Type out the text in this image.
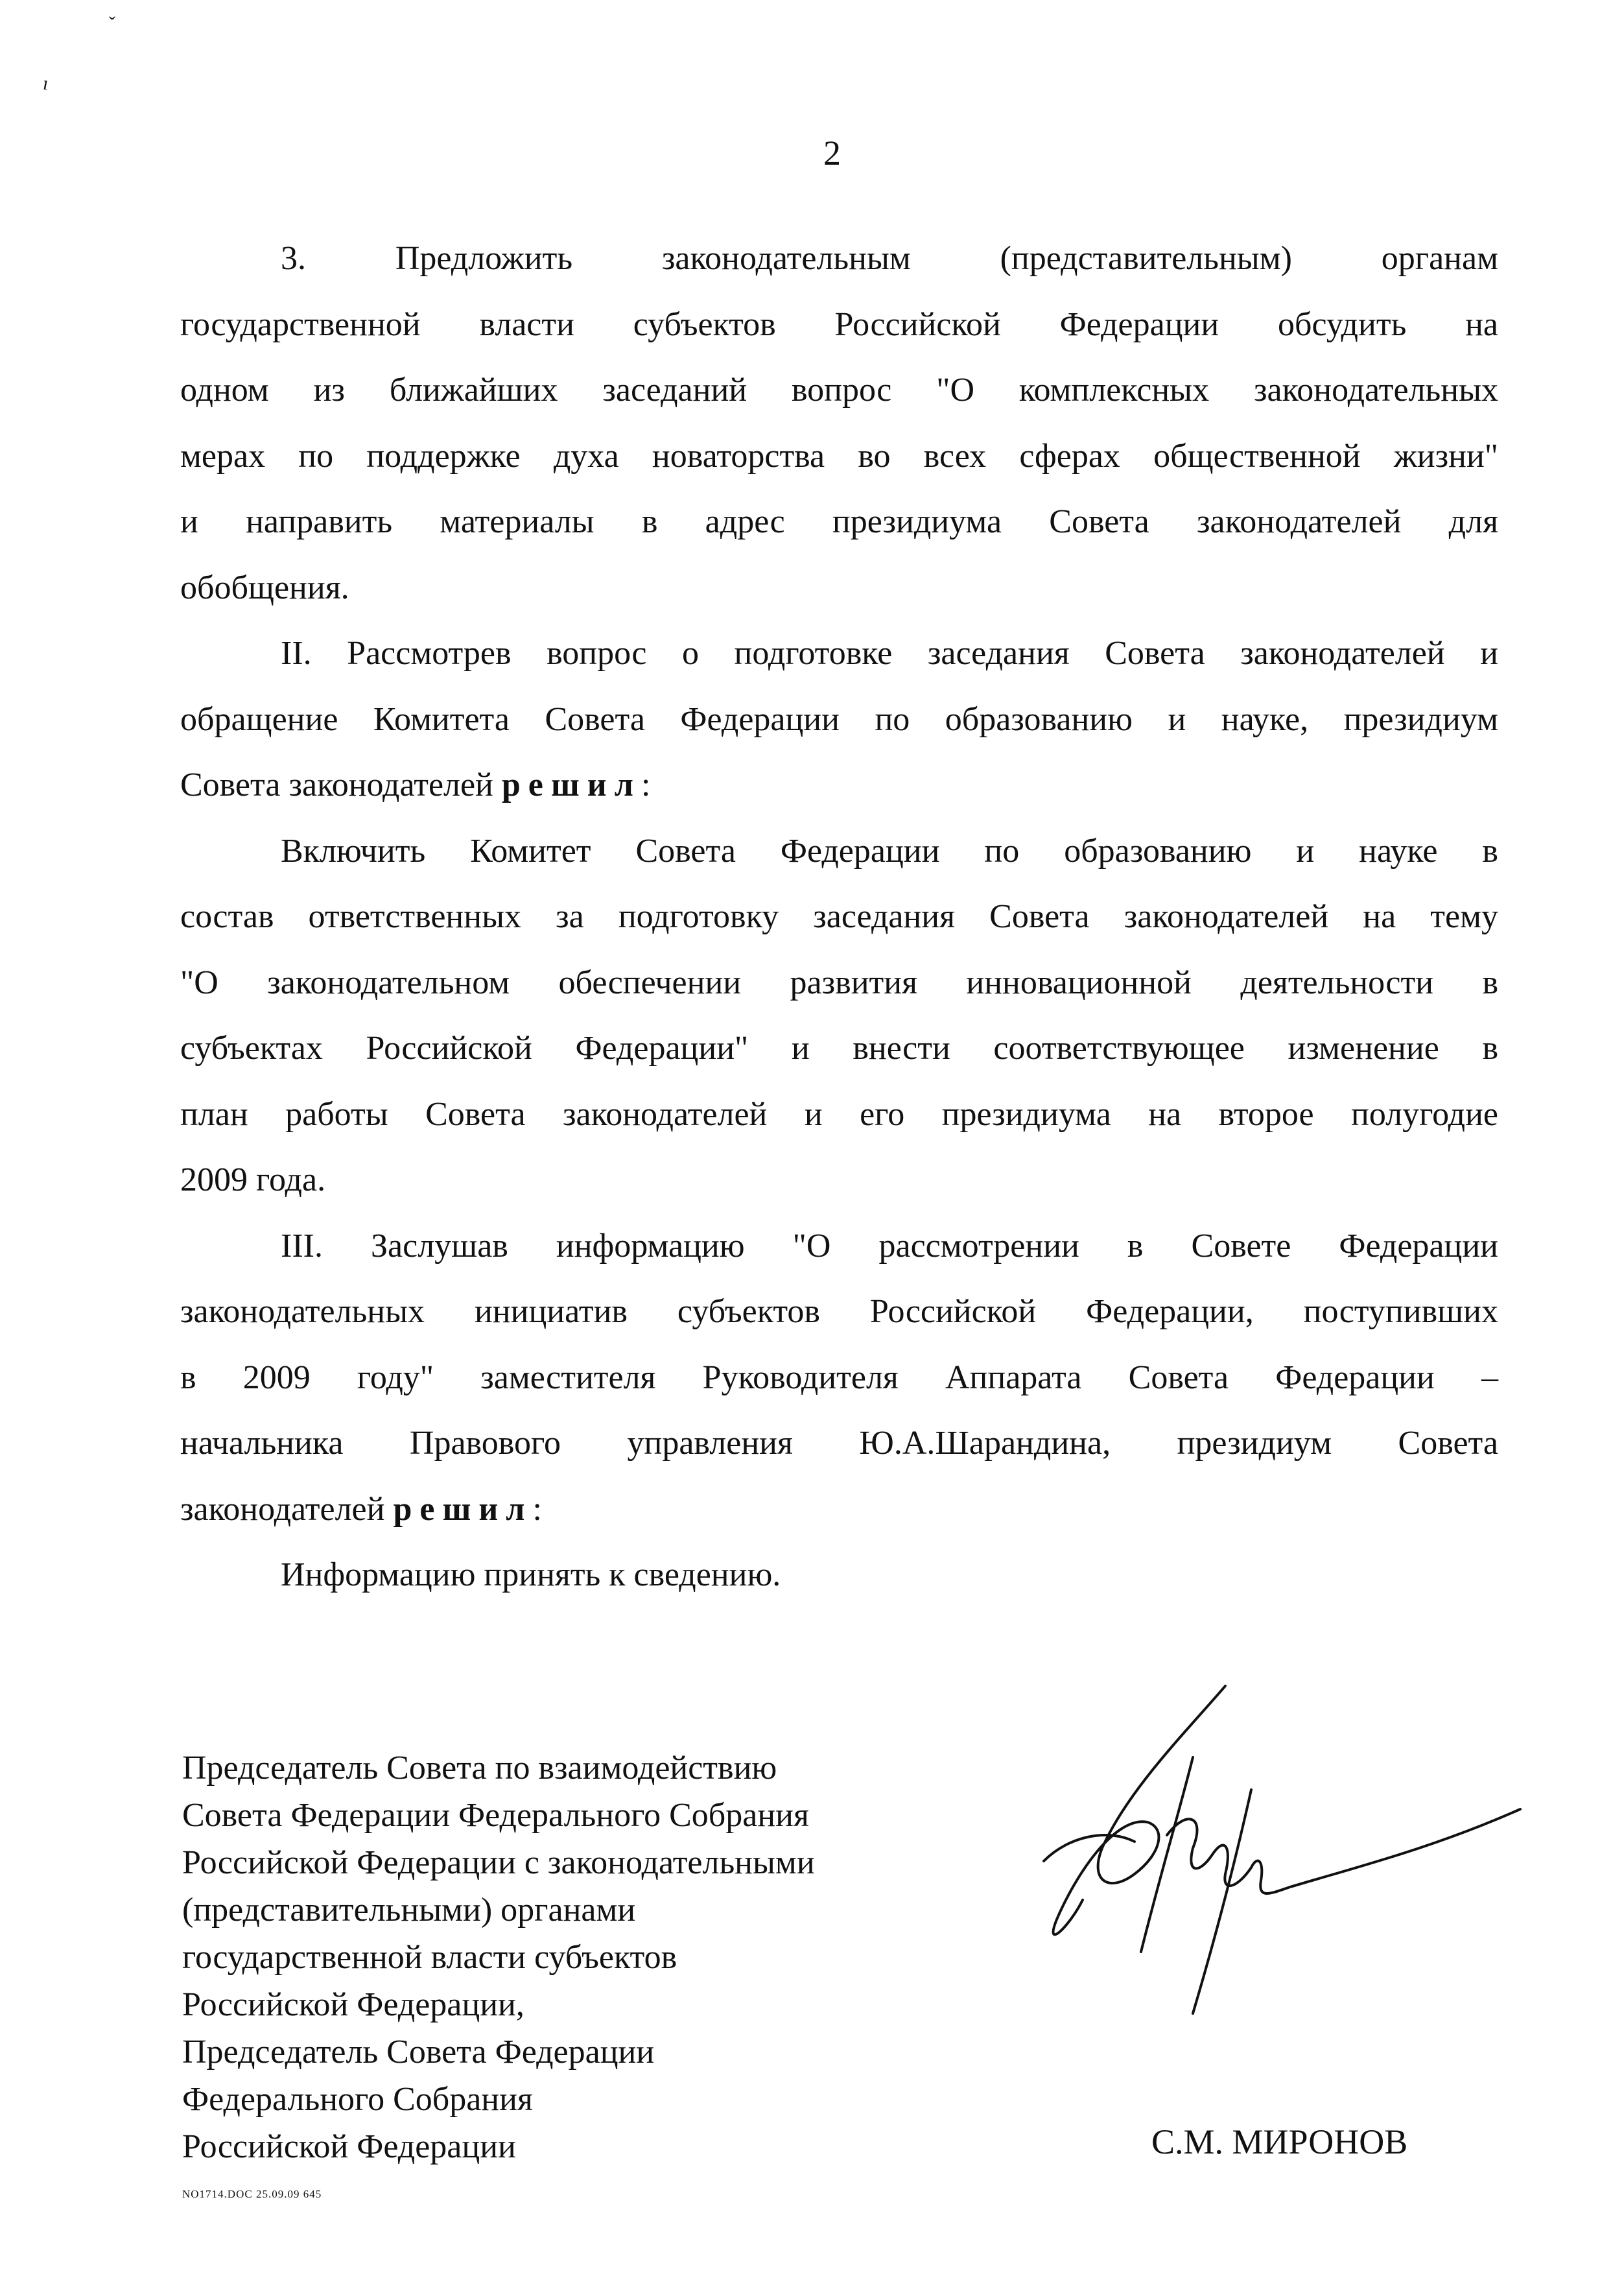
ˇ
ı
2
3. Предложить законодательным (представительным) органам
государственной власти субъектов Российской Федерации обсудить на
одном из ближайших заседаний вопрос "О комплексных законодательных
мерах по поддержке духа новаторства во всех сферах общественной жизни"
и направить материалы в адрес президиума Совета законодателей для
обобщения.
II. Рассмотрев вопрос о подготовке заседания Совета законодателей и
обращение Комитета Совета Федерации по образованию и науке, президиум
Совета законодателей решил:
Включить Комитет Совета Федерации по образованию и науке в
состав ответственных за подготовку заседания Совета законодателей на тему
"О законодательном обеспечении развития инновационной деятельности в
субъектах Российской Федерации" и внести соответствующее изменение в
план работы Совета законодателей и его президиума на второе полугодие
2009 года.
III. Заслушав информацию "О рассмотрении в Совете Федерации
законодательных инициатив субъектов Российской Федерации, поступивших
в 2009 году" заместителя Руководителя Аппарата Совета Федерации –
начальника Правового управления Ю.А.Шарандина, президиум Совета
законодателей решил:
Информацию принять к сведению.
Председатель Совета по взаимодействию
Совета Федерации Федерального Собрания
Российской Федерации с законодательными
(представительными) органами
государственной власти субъектов
Российской Федерации,
Председатель Совета Федерации
Федерального Собрания
Российской Федерации	С.М. МИРОНОВ
NO1714.DOC 25.09.09 645
